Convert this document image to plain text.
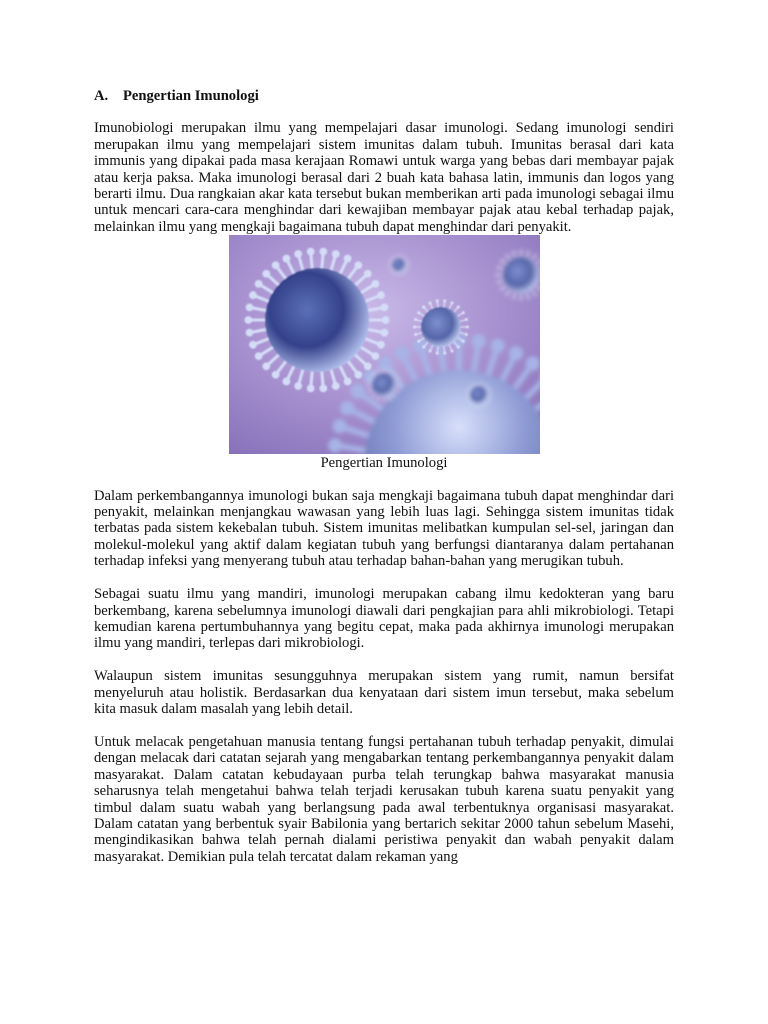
A.	Pengertian Imunologi

Imunobiologi merupakan ilmu yang mempelajari dasar imunologi. Sedang imunologi sendiri merupakan ilmu yang mempelajari sistem imunitas dalam tubuh. Imunitas berasal dari kata immunis yang dipakai pada masa kerajaan Romawi untuk warga yang bebas dari membayar pajak atau kerja paksa. Maka imunologi berasal dari 2 buah kata bahasa latin, immunis dan logos yang berarti ilmu. Dua rangkaian akar kata tersebut bukan memberikan arti pada imunologi sebagai ilmu untuk mencari cara-cara menghindar dari kewajiban membayar pajak atau kebal terhadap pajak, melainkan ilmu yang mengkaji bagaimana tubuh dapat menghindar dari penyakit.

Pengertian Imunologi

Dalam perkembangannya imunologi bukan saja mengkaji bagaimana tubuh dapat menghindar dari penyakit, melainkan menjangkau wawasan yang lebih luas lagi. Sehingga sistem imunitas tidak terbatas pada sistem kekebalan tubuh. Sistem imunitas melibatkan kumpulan sel-sel, jaringan dan molekul-molekul yang aktif dalam kegiatan tubuh yang berfungsi diantaranya dalam pertahanan terhadap infeksi yang menyerang tubuh atau terhadap bahan-bahan yang merugikan tubuh.

Sebagai suatu ilmu yang mandiri, imunologi merupakan cabang ilmu kedokteran yang baru berkembang, karena sebelumnya imunologi diawali dari pengkajian para ahli mikrobiologi. Tetapi kemudian karena pertumbuhannya yang begitu cepat, maka pada akhirnya imunologi merupakan ilmu yang mandiri, terlepas dari mikrobiologi.

Walaupun sistem imunitas sesungguhnya merupakan sistem yang rumit, namun bersifat menyeluruh atau holistik. Berdasarkan dua kenyataan dari sistem imun tersebut, maka sebelum kita masuk dalam masalah yang lebih detail.

Untuk melacak pengetahuan manusia tentang fungsi pertahanan tubuh terhadap penyakit, dimulai dengan melacak dari catatan sejarah yang mengabarkan tentang perkembangannya penyakit dalam masyarakat. Dalam catatan kebudayaan purba telah terungkap bahwa masyarakat manusia seharusnya telah mengetahui bahwa telah terjadi kerusakan tubuh karena suatu penyakit yang timbul dalam suatu wabah yang berlangsung pada awal terbentuknya organisasi masyarakat. Dalam catatan yang berbentuk syair Babilonia yang bertarich sekitar 2000 tahun sebelum Masehi, mengindikasikan bahwa telah pernah dialami peristiwa penyakit dan wabah penyakit dalam masyarakat. Demikian pula telah tercatat dalam rekaman yang
